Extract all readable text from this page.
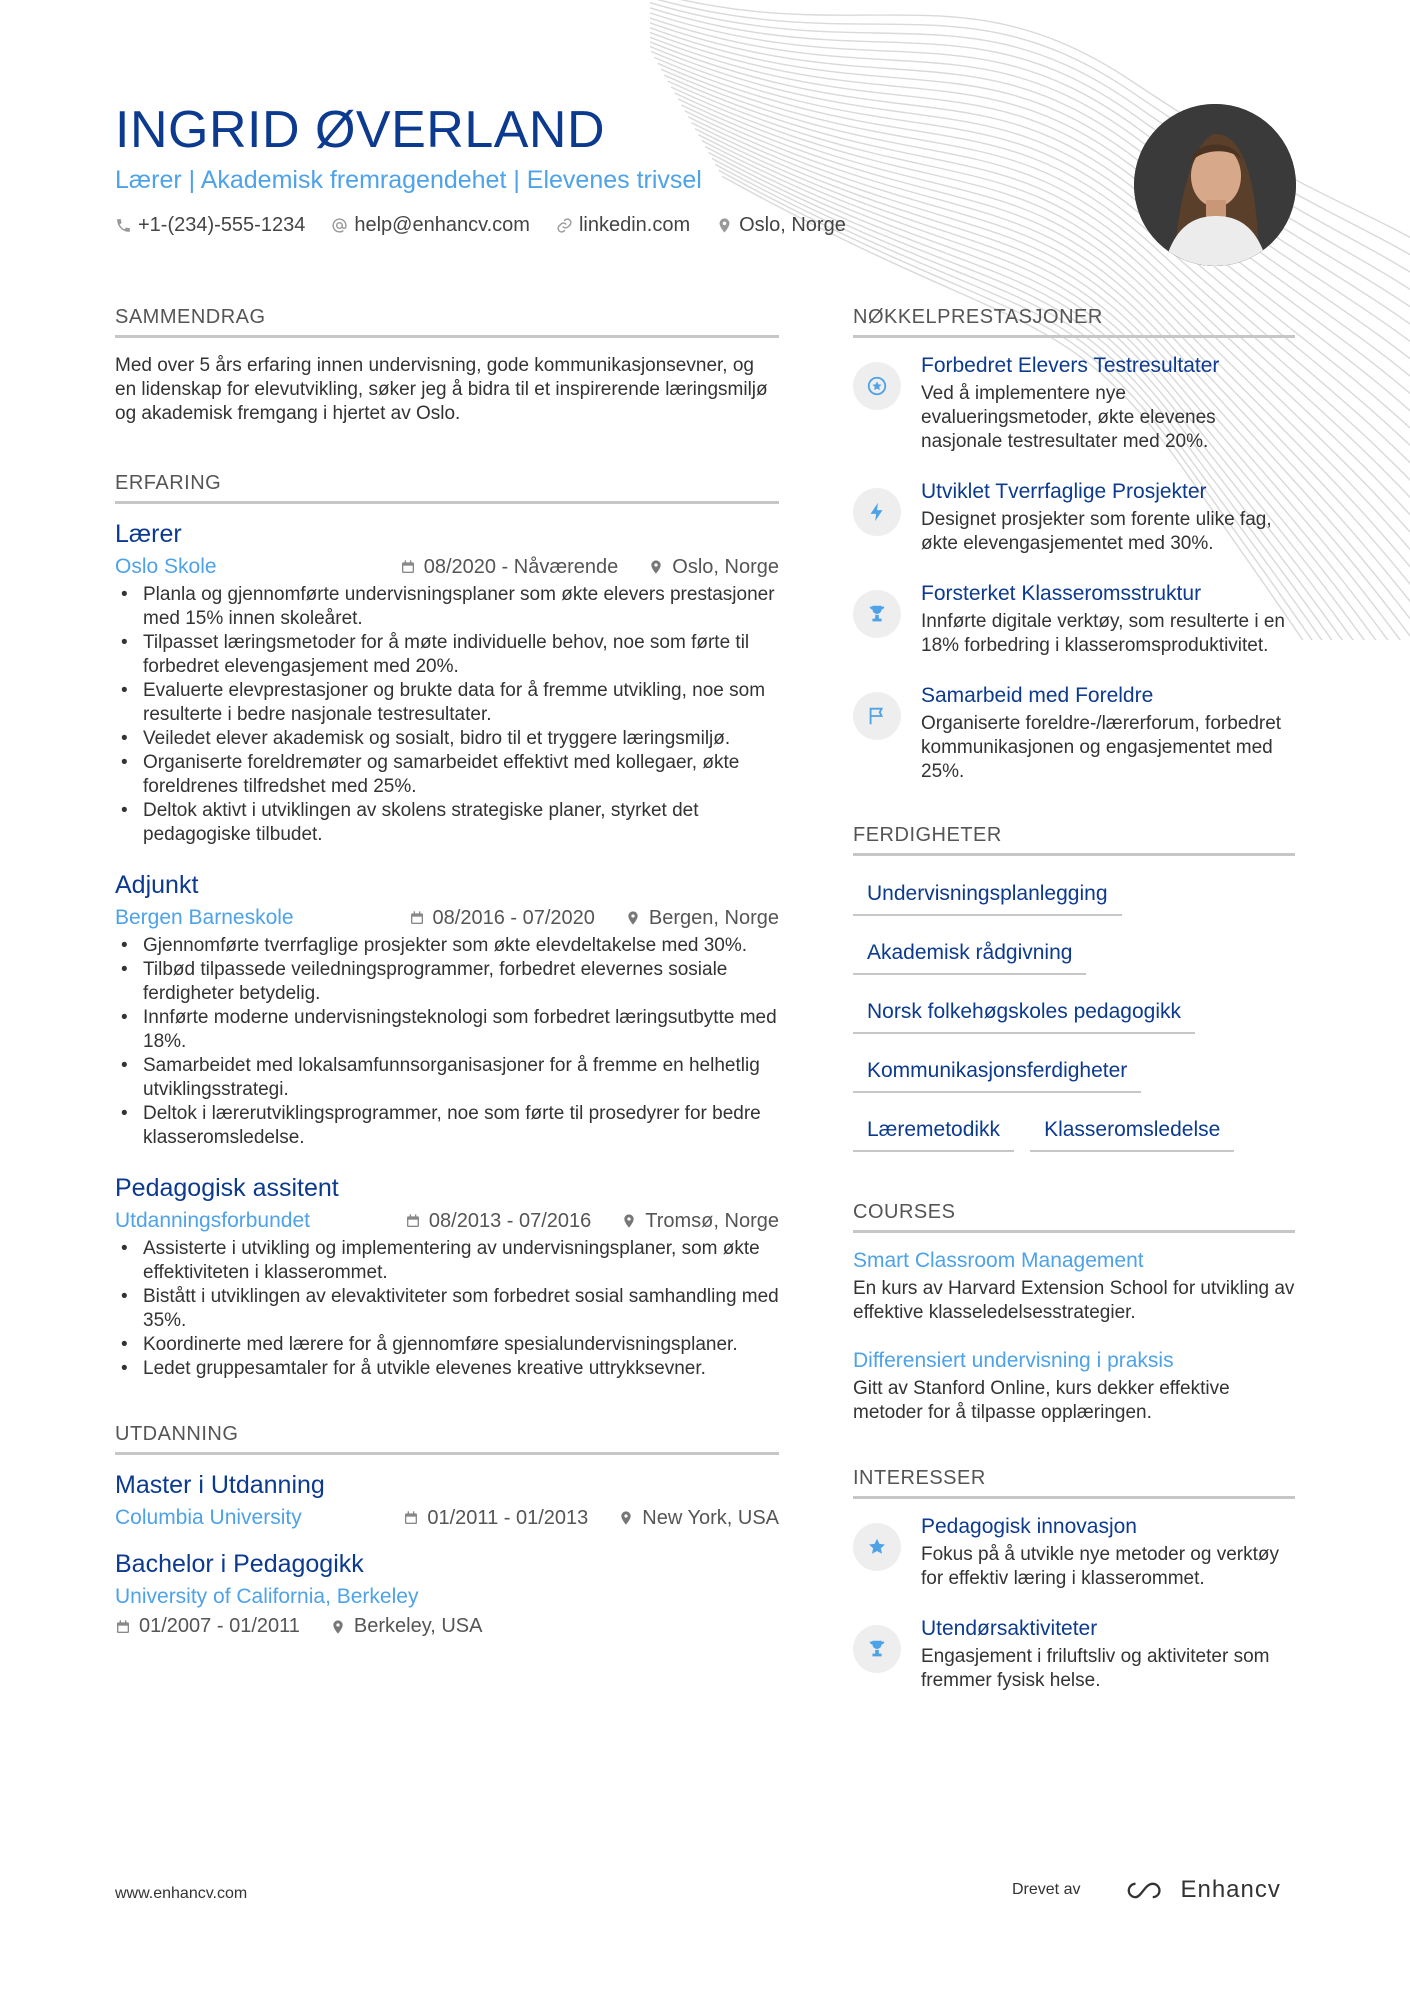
INGRID ØVERLAND
Lærer | Akademisk fremragendehet | Elevenes trivsel
+1-(234)-555-1234 help@enhancv.com linkedin.com Oslo, Norge
SAMMENDRAG
Med over 5 års erfaring innen undervisning, gode kommunikasjonsevner, og en lidenskap for elevutvikling, søker jeg å bidra til et inspirerende læringsmiljø og akademisk fremgang i hjertet av Oslo.
ERFARING
Lærer
Oslo Skole	08/2020 - Nåværende	Oslo, Norge
• Planla og gjennomførte undervisningsplaner som økte elevers prestasjoner med 15% innen skoleåret.
• Tilpasset læringsmetoder for å møte individuelle behov, noe som førte til forbedret elevengasjement med 20%.
• Evaluerte elevprestasjoner og brukte data for å fremme utvikling, noe som resulterte i bedre nasjonale testresultater.
• Veiledet elever akademisk og sosialt, bidro til et tryggere læringsmiljø.
• Organiserte foreldremøter og samarbeidet effektivt med kollegaer, økte foreldrenes tilfredshet med 25%.
• Deltok aktivt i utviklingen av skolens strategiske planer, styrket det pedagogiske tilbudet.
Adjunkt
Bergen Barneskole	08/2016 - 07/2020	Bergen, Norge
• Gjennomførte tverrfaglige prosjekter som økte elevdeltakelse med 30%.
• Tilbød tilpassede veiledningsprogrammer, forbedret elevernes sosiale ferdigheter betydelig.
• Innførte moderne undervisningsteknologi som forbedret læringsutbytte med 18%.
• Samarbeidet med lokalsamfunnsorganisasjoner for å fremme en helhetlig utviklingsstrategi.
• Deltok i lærerutviklingsprogrammer, noe som førte til prosedyrer for bedre klasseromsledelse.
Pedagogisk assitent
Utdanningsforbundet	08/2013 - 07/2016	Tromsø, Norge
• Assisterte i utvikling og implementering av undervisningsplaner, som økte effektiviteten i klasserommet.
• Bistått i utviklingen av elevaktiviteter som forbedret sosial samhandling med 35%.
• Koordinerte med lærere for å gjennomføre spesialundervisningsplaner.
• Ledet gruppesamtaler for å utvikle elevenes kreative uttrykksevner.
UTDANNING
Master i Utdanning
Columbia University	01/2011 - 01/2013	New York, USA
Bachelor i Pedagogikk
University of California, Berkeley
01/2007 - 01/2011	Berkeley, USA
NØKKELPRESTASJONER
Forbedret Elevers Testresultater
Ved å implementere nye evalueringsmetoder, økte elevenes nasjonale testresultater med 20%.
Utviklet Tverrfaglige Prosjekter
Designet prosjekter som forente ulike fag, økte elevengasjementet med 30%.
Forsterket Klasseromsstruktur
Innførte digitale verktøy, som resulterte i en 18% forbedring i klasseromsproduktivitet.
Samarbeid med Foreldre
Organiserte foreldre-/lærerforum, forbedret kommunikasjonen og engasjementet med 25%.
FERDIGHETER
Undervisningsplanlegging
Akademisk rådgivning
Norsk folkehøgskoles pedagogikk
Kommunikasjonsferdigheter
Læremetodikk	Klasseromsledelse
COURSES
Smart Classroom Management
En kurs av Harvard Extension School for utvikling av effektive klasseledelsesstrategier.
Differensiert undervisning i praksis
Gitt av Stanford Online, kurs dekker effektive metoder for å tilpasse opplæringen.
INTERESSER
Pedagogisk innovasjon
Fokus på å utvikle nye metoder og verktøy for effektiv læring i klasserommet.
Utendørsaktiviteter
Engasjement i friluftsliv og aktiviteter som fremmer fysisk helse.
www.enhancv.com	Drevet av	Enhancv
